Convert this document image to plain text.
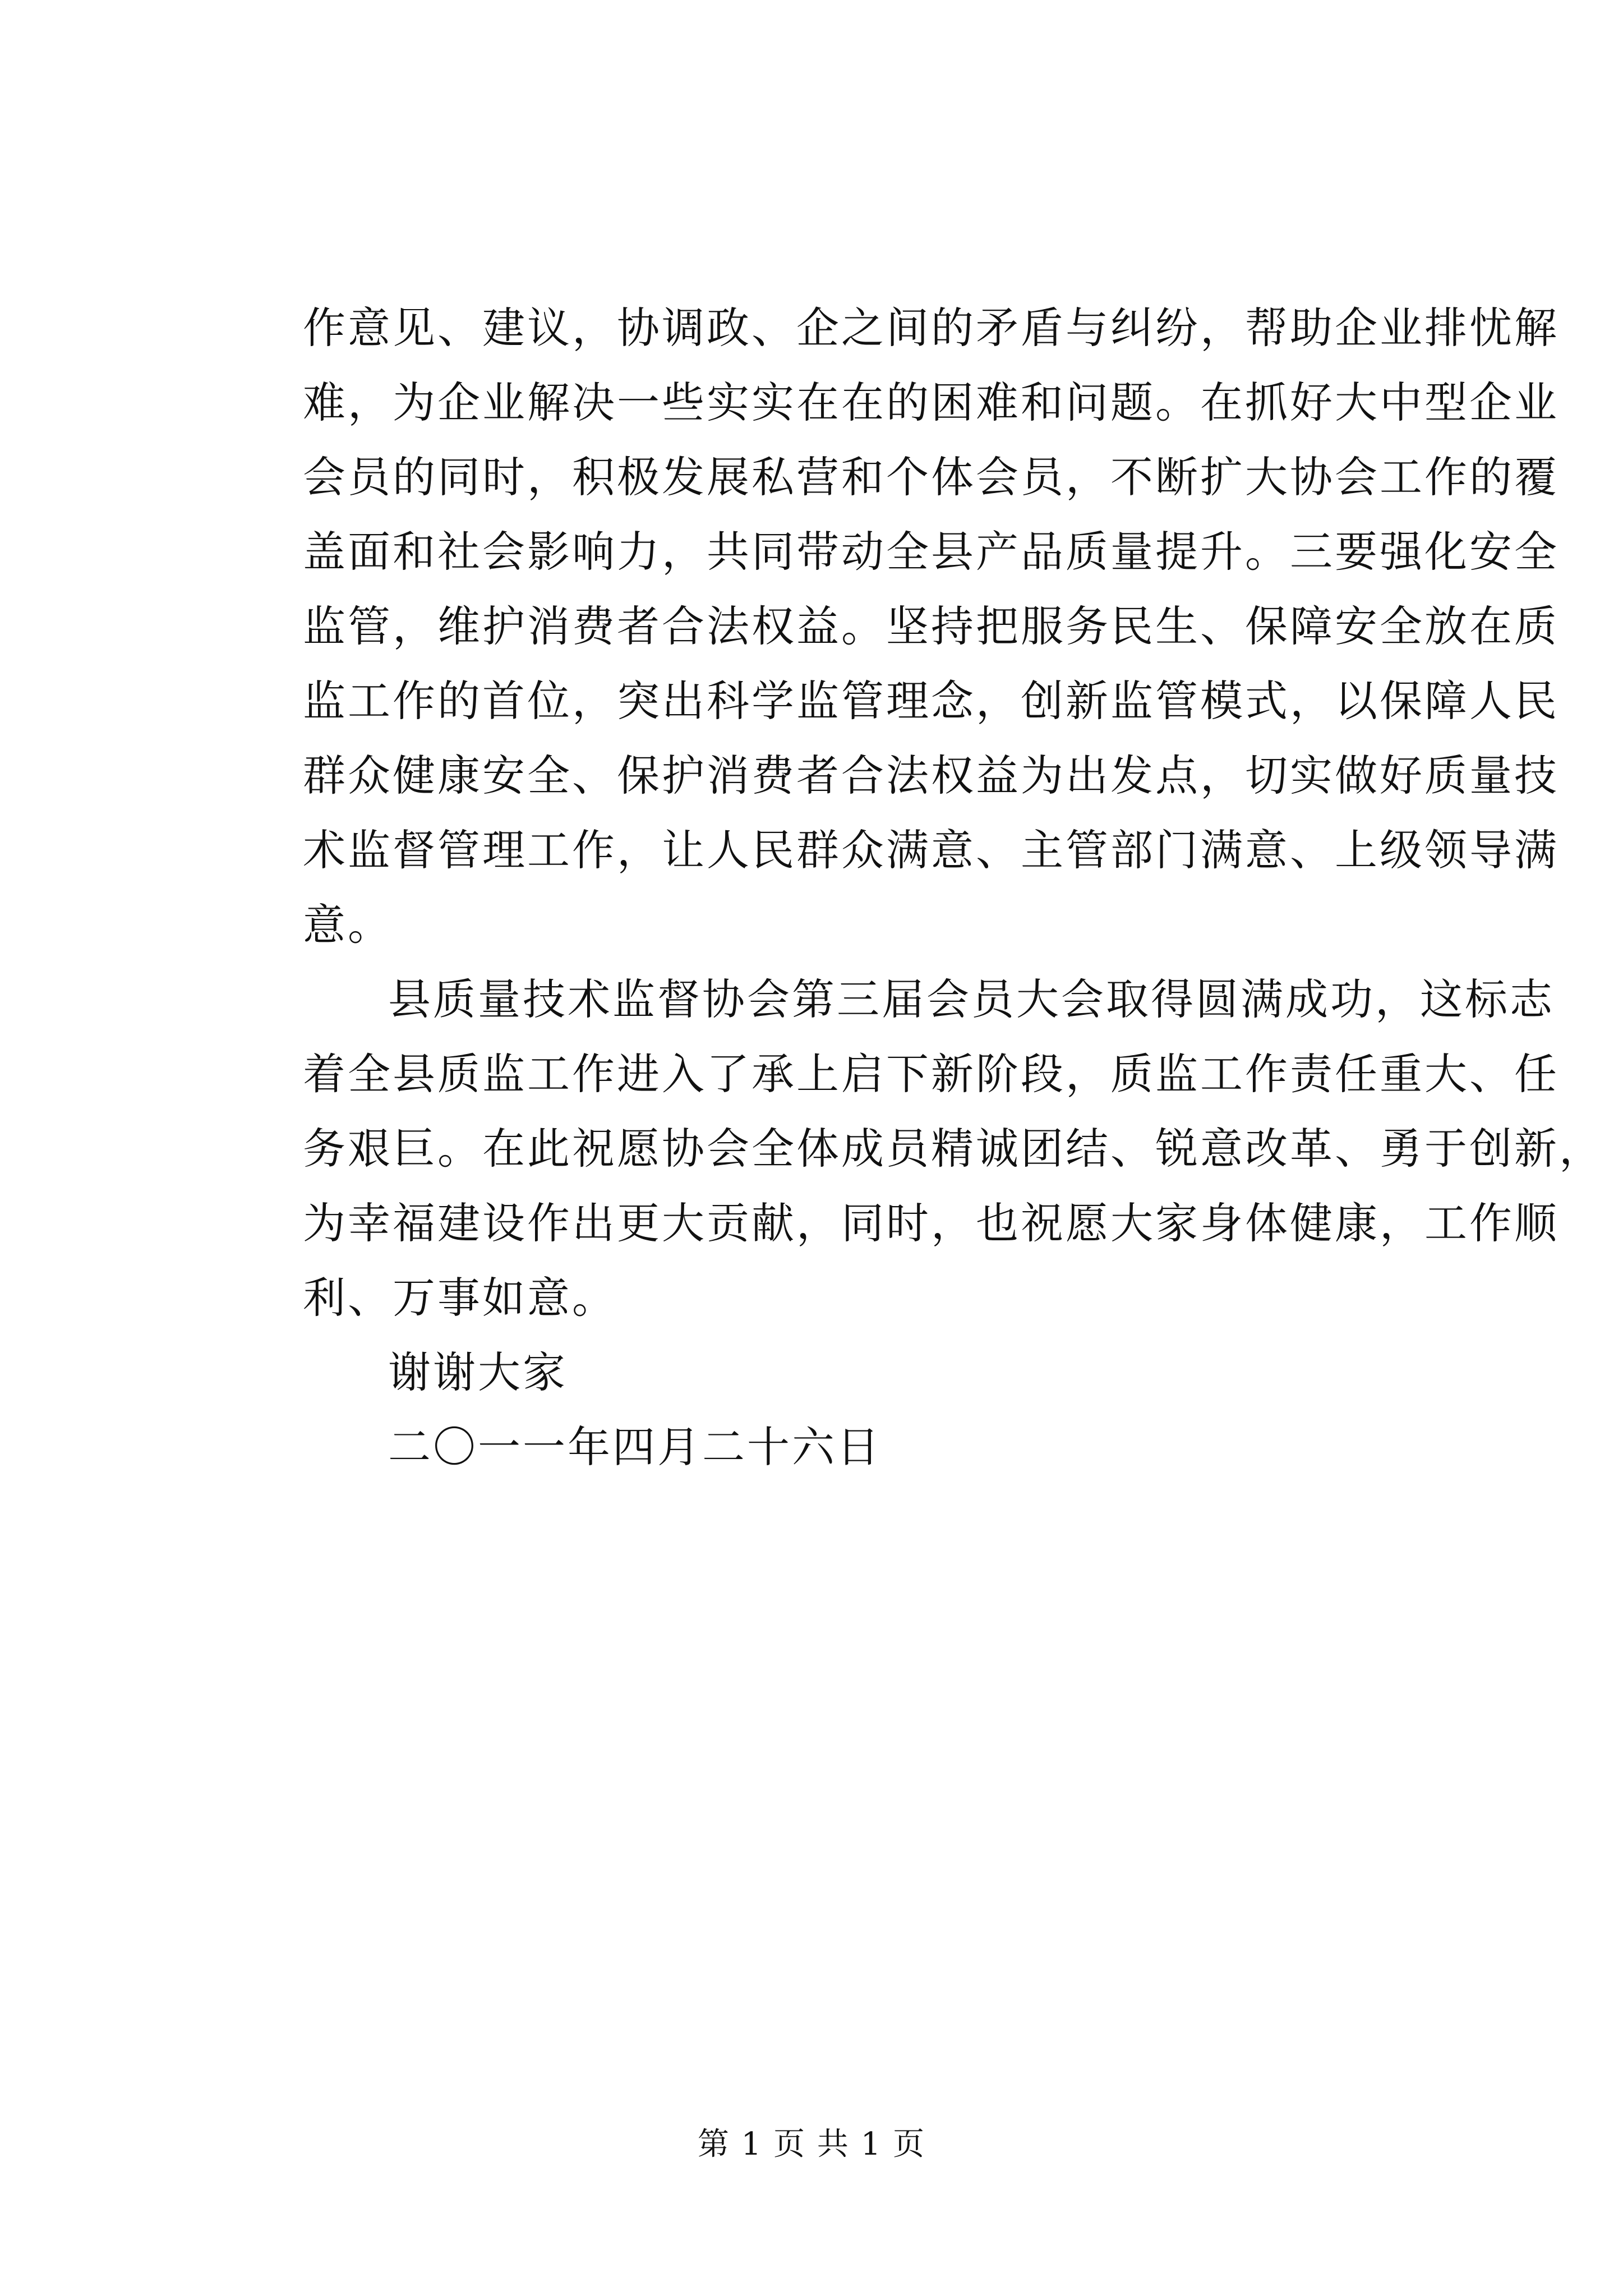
作意见、建议，协调政、企之间的矛盾与纠纷，帮助企业排忧解
难，为企业解决一些实实在在的困难和问题。在抓好大中型企业
会员的同时，积极发展私营和个体会员，不断扩大协会工作的覆
盖面和社会影响力，共同带动全县产品质量提升。三要强化安全
监管，维护消费者合法权益。坚持把服务民生、保障安全放在质
监工作的首位，突出科学监管理念，创新监管模式，以保障人民
群众健康安全、保护消费者合法权益为出发点，切实做好质量技
术监督管理工作，让人民群众满意、主管部门满意、上级领导满
意。
县质量技术监督协会第三届会员大会取得圆满成功，这标志
着全县质监工作进入了承上启下新阶段，质监工作责任重大、任
务艰巨。在此祝愿协会全体成员精诚团结、锐意改革、勇于创新，
为幸福建设作出更大贡献，同时，也祝愿大家身体健康，工作顺
利、万事如意。
谢谢大家
二〇一一年四月二十六日
第 1 页 共 1 页
